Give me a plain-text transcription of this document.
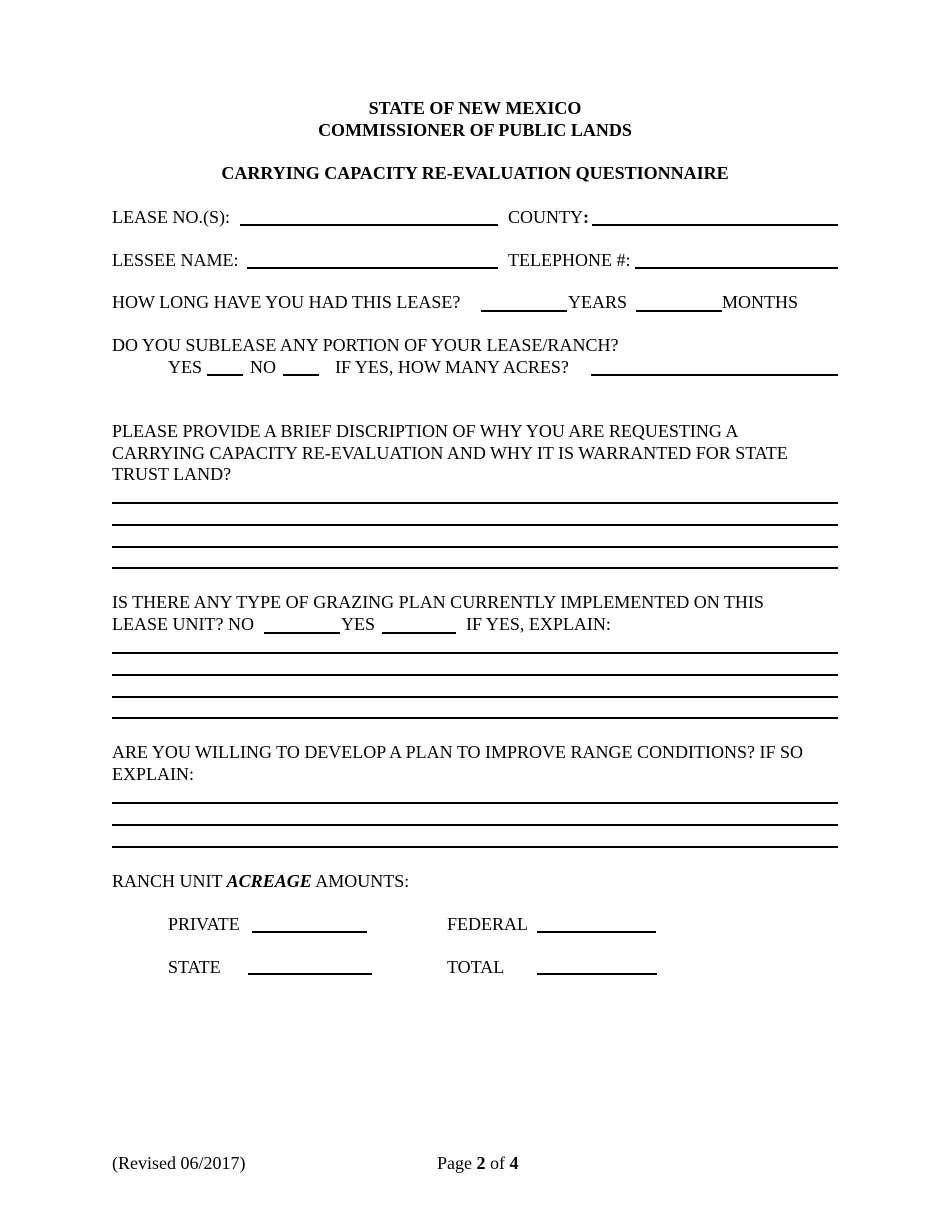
STATE OF NEW MEXICO
COMMISSIONER OF PUBLIC LANDS
CARRYING CAPACITY RE-EVALUATION QUESTIONNAIRE
LEASE NO.(S):	COUNTY:
LESSEE NAME:	TELEPHONE #:
HOW LONG HAVE YOU HAD THIS LEASE?	YEARS	MONTHS
DO YOU SUBLEASE ANY PORTION OF YOUR LEASE/RANCH?
YES	NO	IF YES, HOW MANY ACRES?
PLEASE PROVIDE A BRIEF DISCRIPTION OF WHY YOU ARE REQUESTING A
CARRYING CAPACITY RE-EVALUATION AND WHY IT IS WARRANTED FOR STATE
TRUST LAND?
IS THERE ANY TYPE OF GRAZING PLAN CURRENTLY IMPLEMENTED ON THIS
LEASE UNIT? NO	YES	IF YES, EXPLAIN:
ARE YOU WILLING TO DEVELOP A PLAN TO IMPROVE RANGE CONDITIONS? IF SO
EXPLAIN:
RANCH UNIT ACREAGE AMOUNTS:
PRIVATE	FEDERAL
STATE	TOTAL
(Revised 06/2017)	Page 2 of 4
